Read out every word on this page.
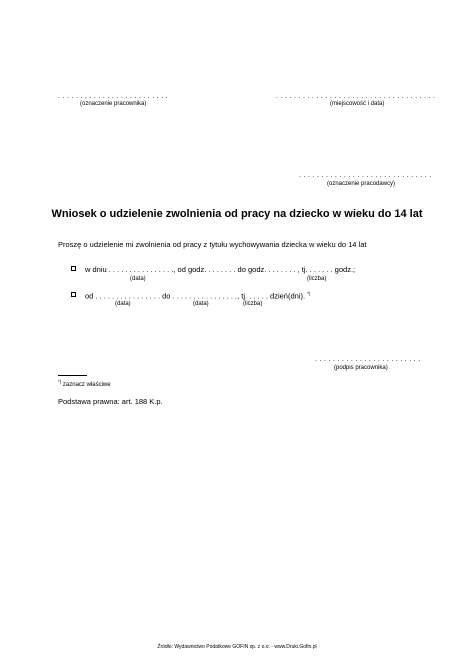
. . . . . . . . . . . . . . . . . . . . . . . . .
(oznaczenie pracownika)
. . . . . . . . . . . . . . . . . . . . . . . . . . . . . . . . . . . .
(miejscowość i data)
. . . . . . . . . . . . . . . . . . . . . . . . . . . . . .
(oznaczenie pracodawcy)
Wniosek o udzielenie zwolnienia od pracy na dziecko w wieku do 14 lat
Proszę o udzielenie mi zwolnienia od pracy z tytułu wychowywania dziecka w wieku do 14 lat
w dniu . . . . . . . . . . . . . . . ., od godz. . . . . . . . do godz. . . . . . . . , tj. . . . . . . godz.;
(data)	(liczba)
od . . . . . . . . . . . . . . . . do . . . . . . . . . . . . . . . ., tj. . . . . . dzień(dni). *)
(data)	(data)	(liczba)
. . . . . . . . . . . . . . . . . . . . . . . .
(podpis pracownika)
*) zaznacz właściwe
Podstawa prawna: art. 188 K.p.
Źródło: Wydawnictwo Podatkowe GOFIN sp. z o.o. - www.Druki.Gofin.pl
